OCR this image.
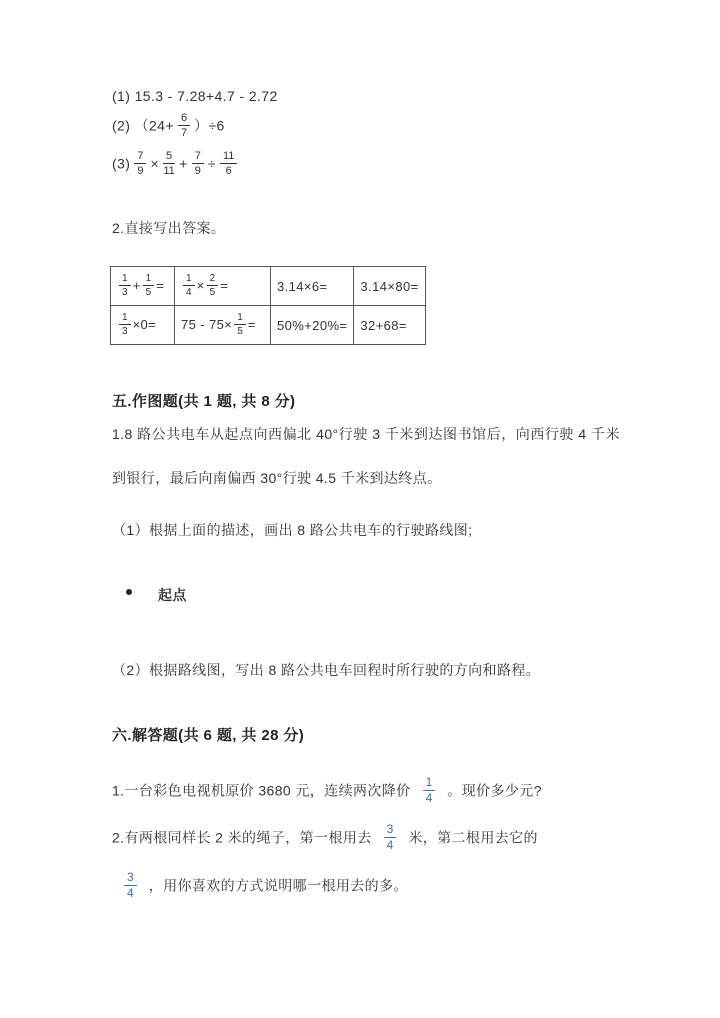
(1) 15.3 - 7.28+4.7 - 2.72
(2) $(24+ \frac{6}{7} )\div 6$
$(3) \frac{7}{9} \times \frac{5}{11} + \frac{7}{9} \div \frac{11}{6}$
2.直接写出答案。
$\frac{1}{3} + \frac{1}{5}$ =	$\frac{1}{4} \times \frac{2}{5}$ =	3.14×6=	3.14×80=

$\frac{1}{3} \times 0=$	$75 - 75\times \frac{1}{5}$ =	50%+20%=	32+68=
五.作图题(共 1 题, 共 8 分)
1.8 路公共电车从起点向西偏北 40°行驶 3 千米到达图书馆后，向西行驶 4 千米到银行，最后向南偏西 30°行驶 4.5 千米到达终点。
（1）根据上面的描述，画出 8 路公共电车的行驶路线图;
起点
（2）根据路线图，写出 8 路公共电车回程时所行驶的方向和路程。
六.解答题(共 6 题, 共 28 分)
1.一台彩色电视机原价 3680 元，连续两次降价 $\frac{1}{4}$ 。现价多少元?
2.有两根同样长 2 米的绳子，第一根用去 $\frac{3}{4}$ 米，第二根用去它的
$\frac{3}{4}$ ，用你喜欢的方式说明哪一根用去的多。
